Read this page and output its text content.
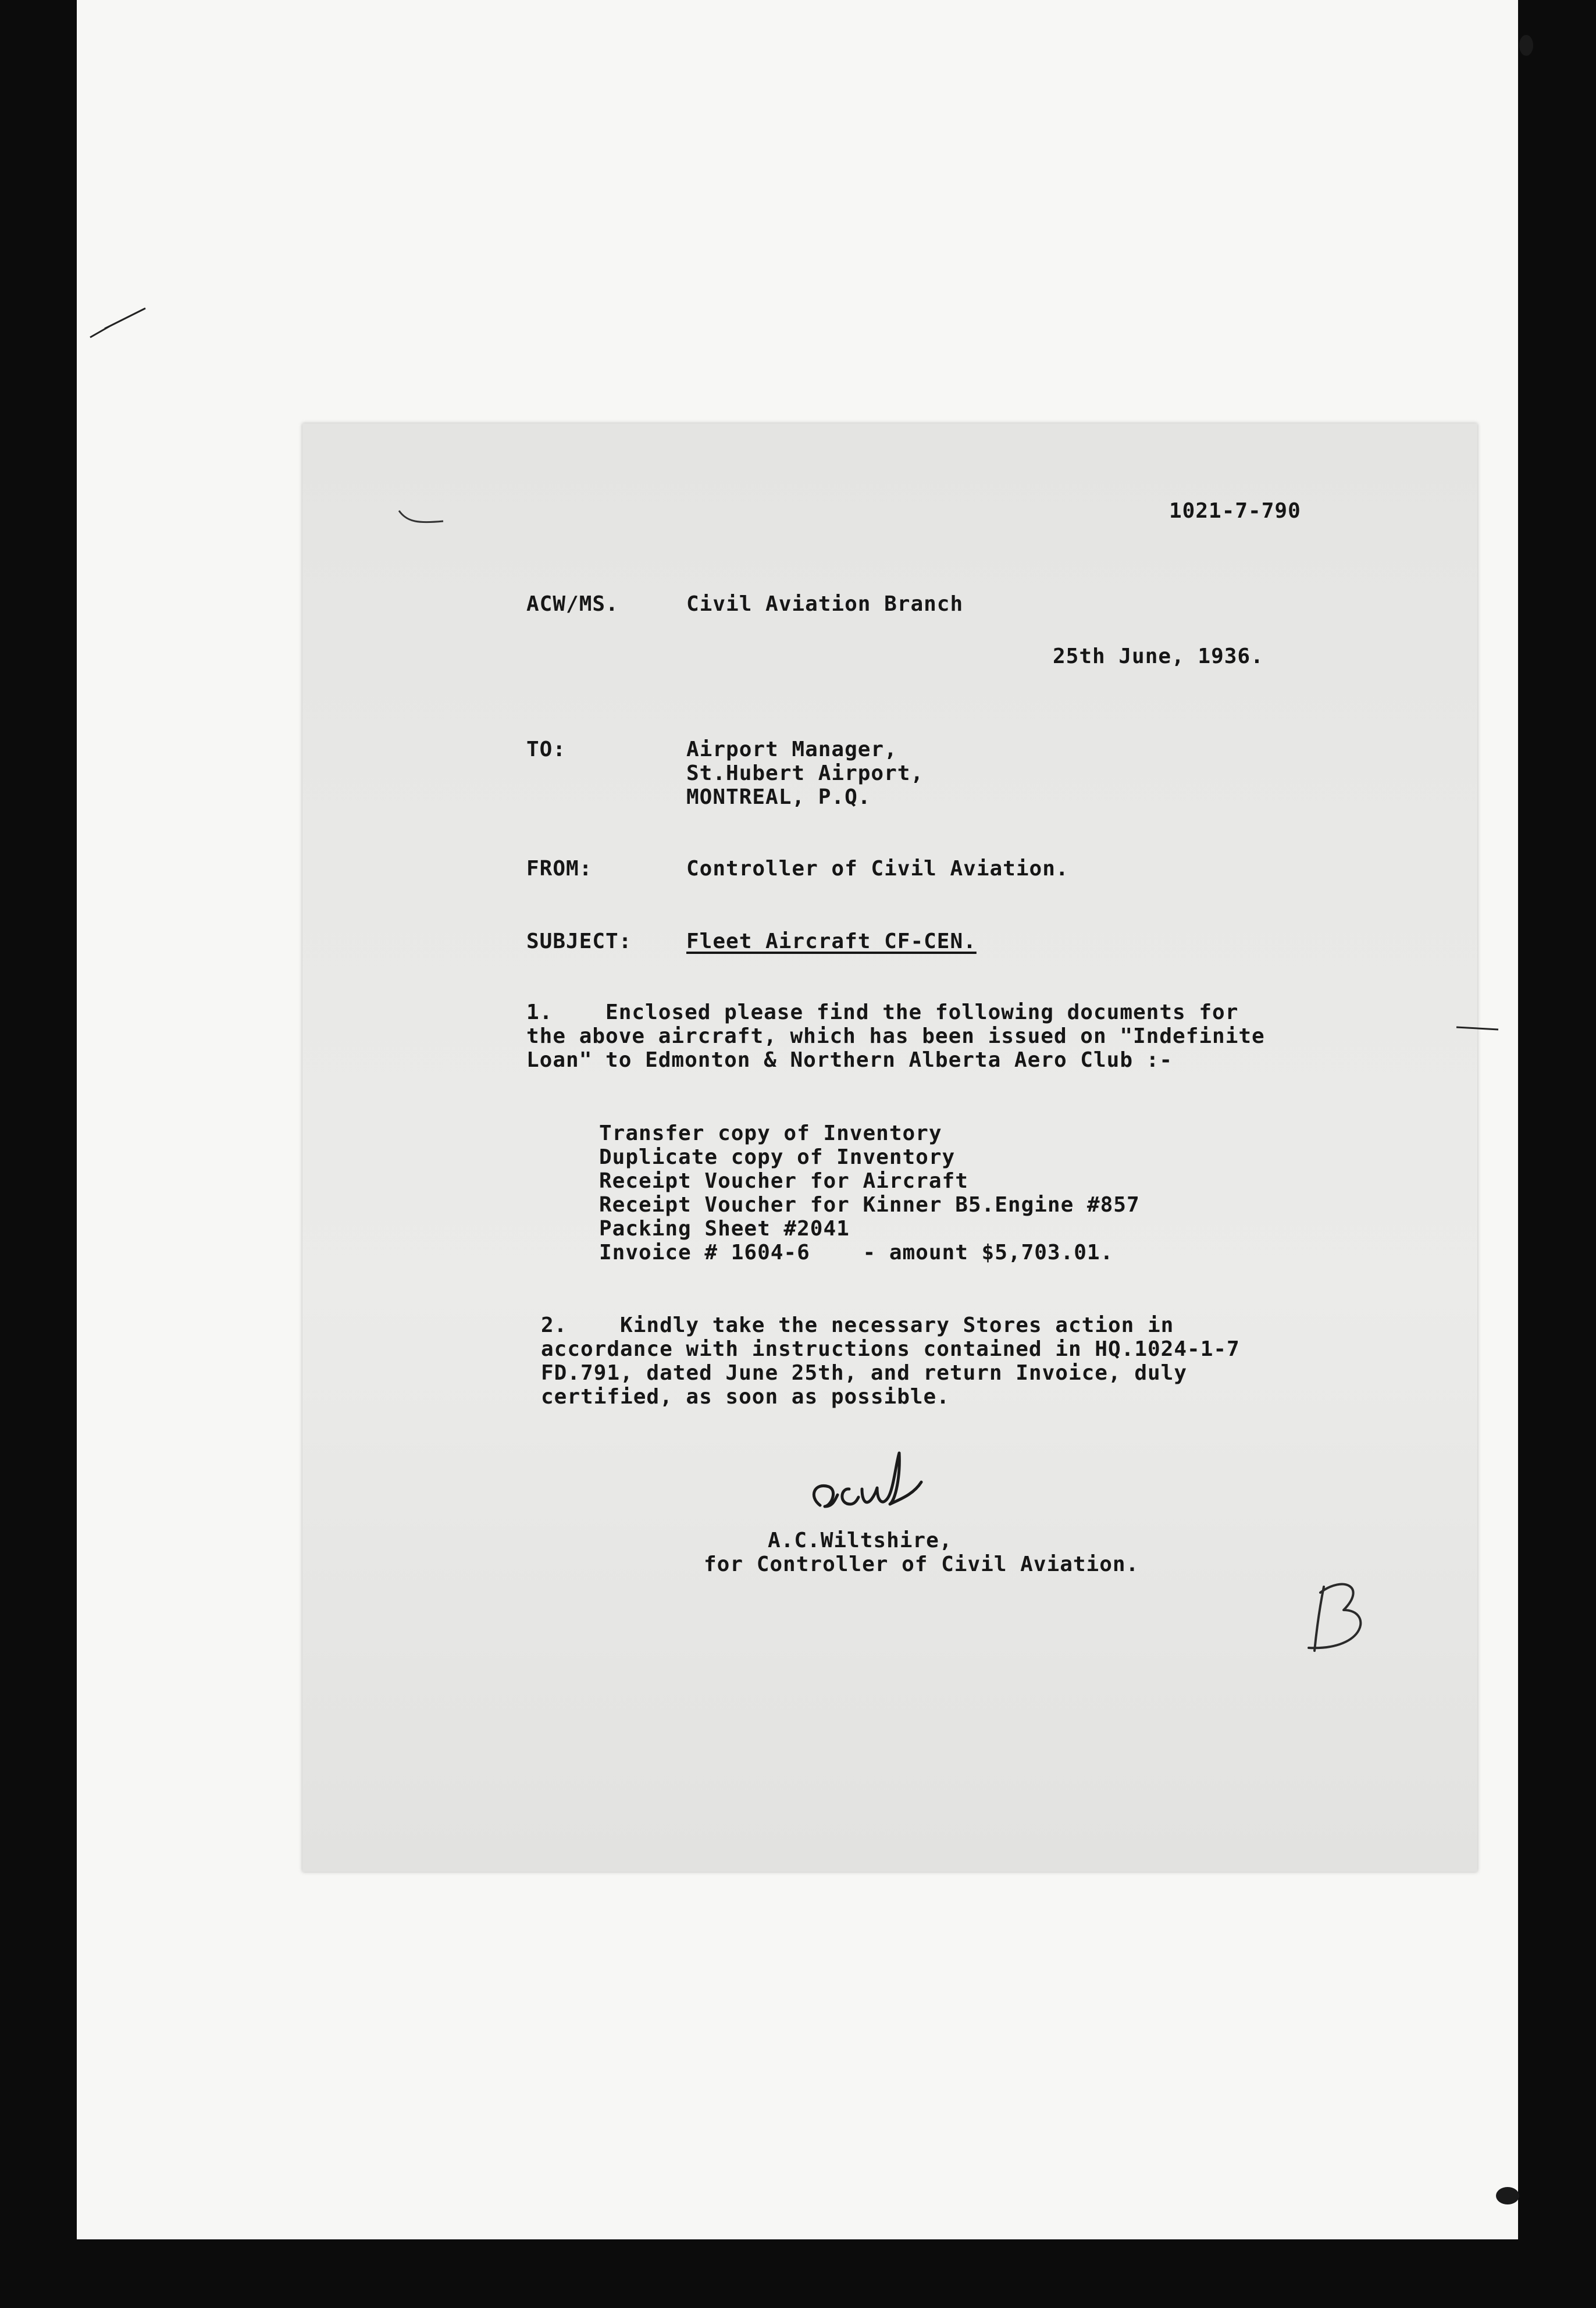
1021-7-790
ACW/MS.	Civil Aviation Branch
25th June, 1936.
TO:	Airport Manager,
St.Hubert Airport,
MONTREAL, P.Q.
FROM:	Controller of Civil Aviation.
SUBJECT:	Fleet Aircraft CF-CEN.
1.    Enclosed please find the following documents for
the above aircraft, which has been issued on "Indefinite
Loan" to Edmonton & Northern Alberta Aero Club :-
Transfer copy of Inventory
Duplicate copy of Inventory
Receipt Voucher for Aircraft
Receipt Voucher for Kinner B5.Engine #857
Packing Sheet #2041
Invoice # 1604-6    - amount $5,703.01.
2.    Kindly take the necessary Stores action in
accordance with instructions contained in HQ.1024-1-7
FD.791, dated June 25th, and return Invoice, duly
certified, as soon as possible.
A.C.Wiltshire,
for Controller of Civil Aviation.
